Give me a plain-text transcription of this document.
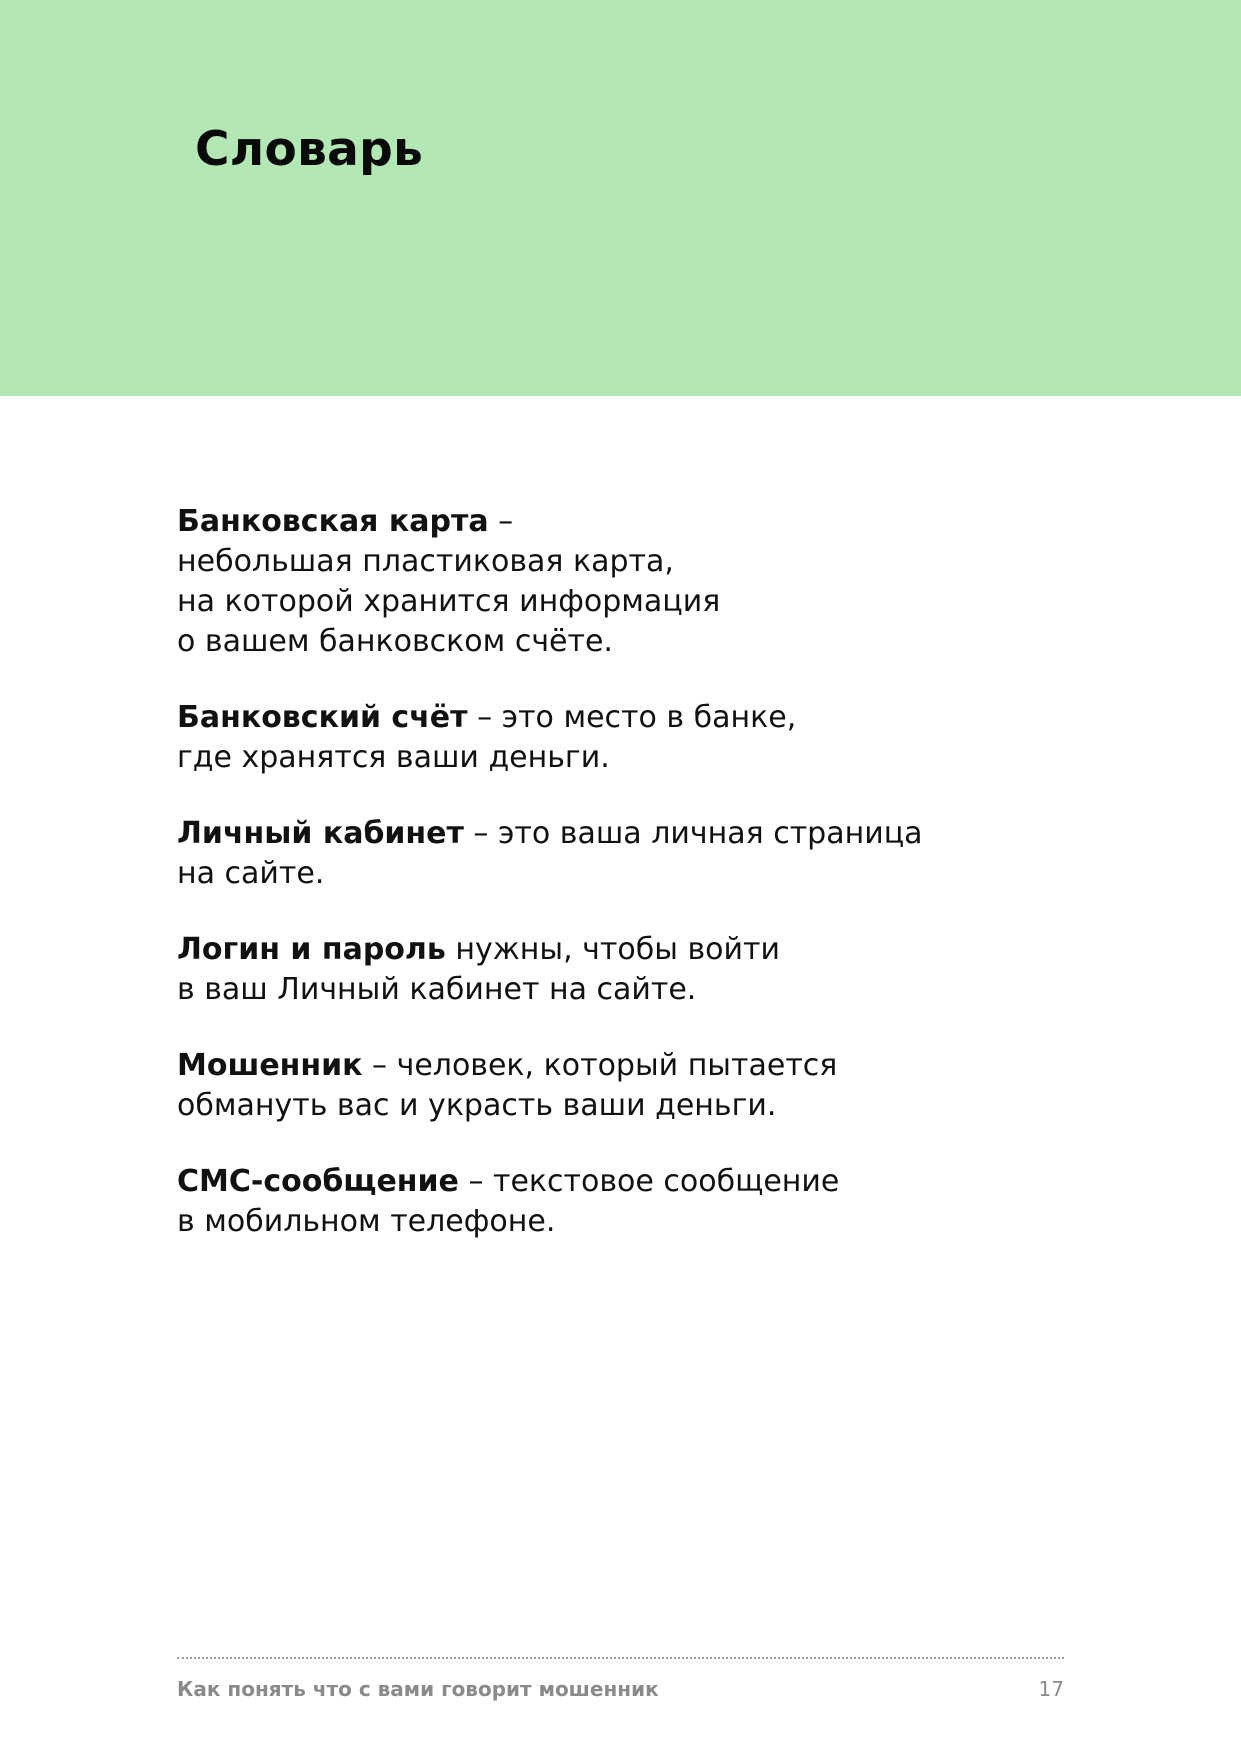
Словарь
Банковская карта –
небольшая пластиковая карта,
на которой хранится информация
о вашем банковском счёте.
Банковский счёт – это место в банке,
где хранятся ваши деньги.
Личный кабинет – это ваша личная страница
на сайте.
Логин и пароль нужны, чтобы войти
в ваш Личный кабинет на сайте.
Мошенник – человек, который пытается
обмануть вас и украсть ваши деньги.
СМС-сообщение – текстовое сообщение
в мобильном телефоне.
Как понять что с вами говорит мошенник	17
